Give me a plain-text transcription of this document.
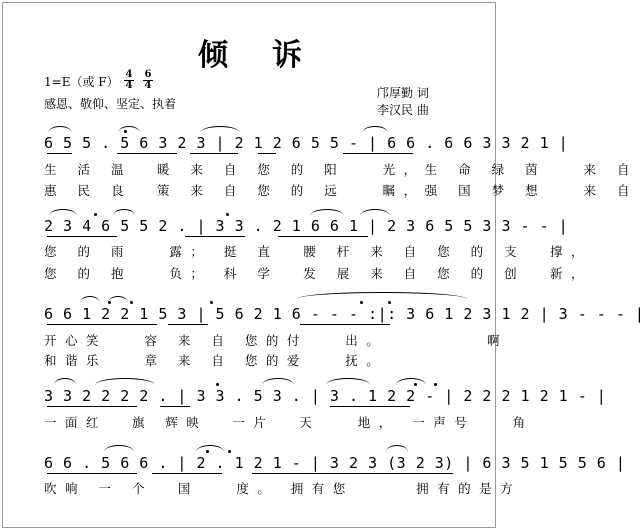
倾诉
1=E（或 F）
4
4
6
4
感恩、敬仰、坚定、执着
邝厚勤 词
李汉民 曲
6 5 5 . 5 6 3 2 3 | 2 1 2 6 5 5 - | 6 6 . 6 6 3 3 2 1 |
生 活 温  暖 来 自 您 的 阳   光，生 命 绿 茵   来 自
惠 民 良  策 来 自 您 的 远   瞩，强 国 梦 想   来 自
2 3 4 6 5 5 2 . | 3 3 . 2 1 6 6 1 | 2 3 6 5 5 3 3 - - |
您 的 雨   露； 挺 直  腰 杆 来 自 您 的 支  撑，
您 的 抱   负； 科 学  发 展 来 自 您 的 创  新，
6 6 1 2 2 1 5 3 | 5 6 2 1 6 - - - :|: 3 6 1 2 3 1 2 | 3 - - - |
开心笑   容 来 自 您的付   出。        啊
和谐乐   章 来 自 您的爱   抚。
3 3 2 2 2 2 . | 3 3 . 5 3 . | 3 . 1 2 2 - | 2 2 2 1 2 1 - |
一面红  旗 辉映  一片  天   地， 一声号   角
6 6 . 5 6 6 . | 2 . 1 2 1 - | 3 2 3 (3 2 3) | 6 3 5 1 5 5 6 |
吹响 一 个  国   度。 拥有您     拥有的是方
